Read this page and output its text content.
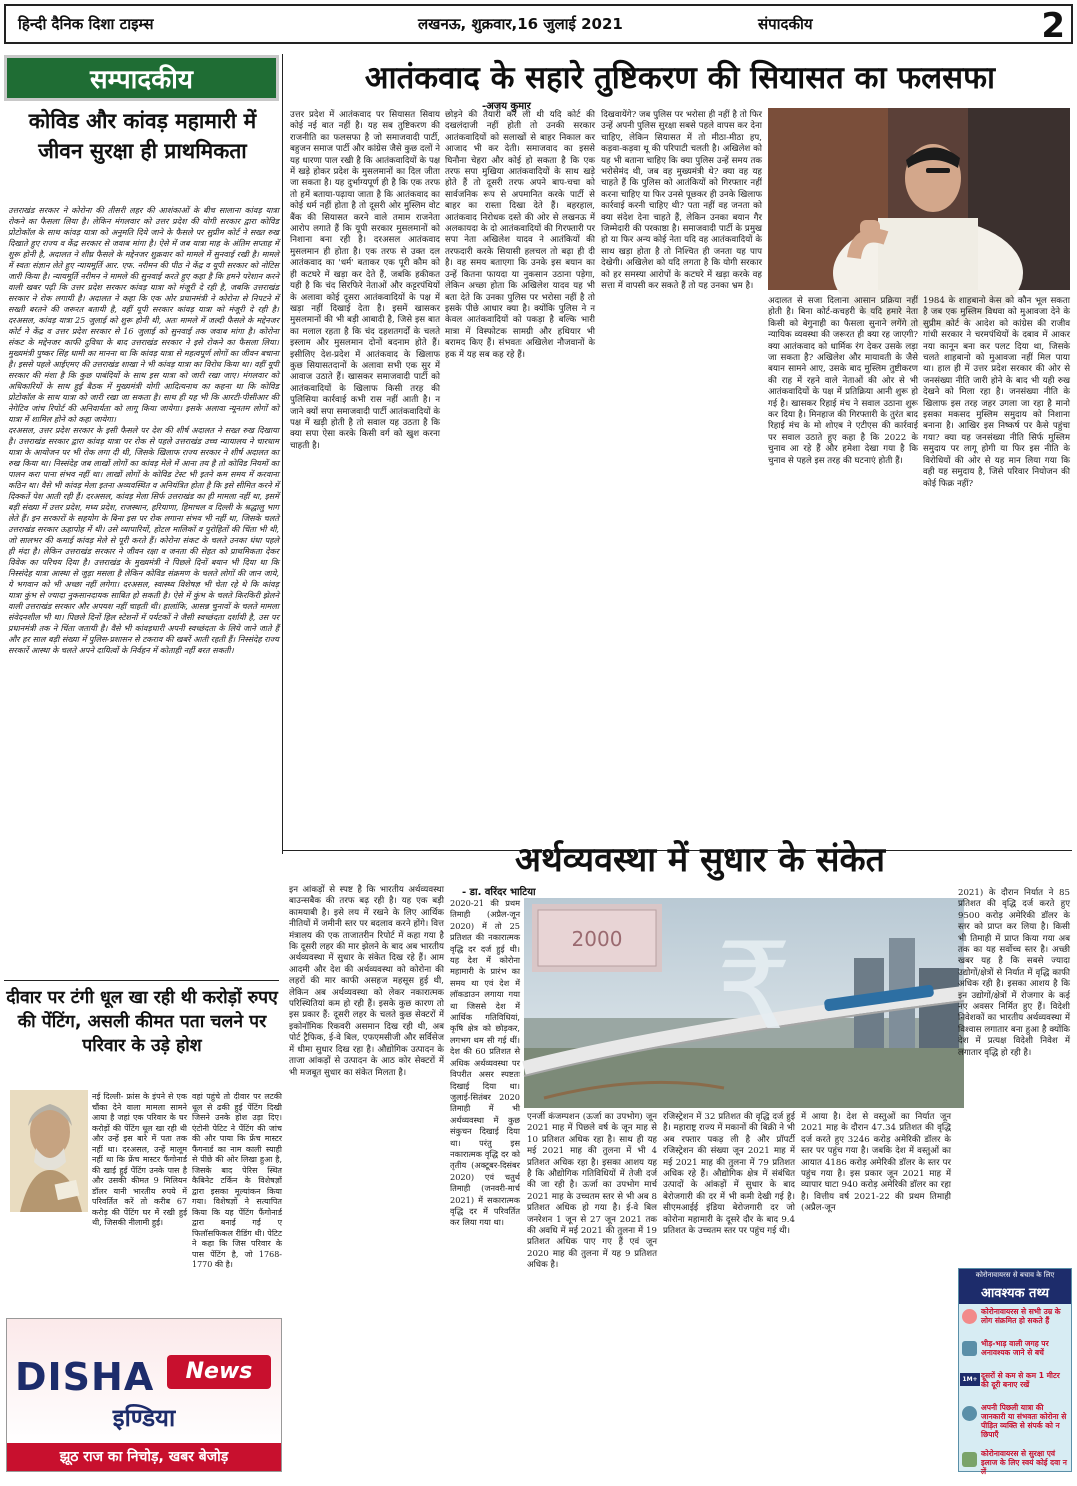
हिन्दी दैनिक दिशा टाइम्स	लखनऊ, शुक्रवार,16 जुलाई 2021	संपादकीय	2
सम्पादकीय
कोविड और कांवड़ महामारी में जीवन सुरक्षा ही प्राथमिकता

उत्तराखंड सरकार ने कोरोना की तीसरी लहर की आशंकाओं के बीच सालाना कांवड़ यात्रा रोकने का फैसला लिया है। लेकिन मंगलवार को उत्तर प्रदेश की योगी सरकार द्वारा कोविड प्रोटोकॉल के साथ कांवड़ यात्रा को अनुमति दिये जाने के फैसले पर सुप्रीम कोर्ट ने सख्त रुख दिखाते हुए राज्य व केंद्र सरकार से जवाब मांगा है। ऐसे में जब यात्रा माह के अंतिम सप्ताह में शुरू होनी है, अदालत ने शीघ्र फैसले के मद्देनजर शुक्रवार को मामले में सुनवाई रखी है। मामले में स्वतः संज्ञान लेते हुए न्यायमूर्ति आर. एफ. नरीमन की पीठ ने केंद्र व यूपी सरकार को नोटिस जारी किया है। न्यायमूर्ति नरीमन ने मामले की सुनवाई करते हुए कहा है कि हमने परेशान करने वाली खबर पढ़ी कि उत्तर प्रदेश सरकार कांवड़ यात्रा को मंजूरी दे रही है, जबकि उत्तराखंड सरकार ने रोक लगायी है। अदालत ने कहा कि एक ओर प्रधानमंत्री ने कोरोना से निपटने में सख्ती बरतने की जरूरत बतायी है, वहीं यूपी सरकार कांवड़ यात्रा को मंजूरी दे रही है। दरअसल, कांवड़ यात्रा 25 जुलाई को शुरू होनी थी, अतः मामले में जल्दी फैसले के मद्देनजर कोर्ट ने केंद्र व उत्तर प्रदेश सरकार से 16 जुलाई को सुनवाई तक जवाब मांगा है। कोरोना संकट के मद्देनजर काफी दुविधा के बाद उत्तराखंड सरकार ने इसे रोकने का फैसला लिया। मुख्यमंत्री पुष्कर सिंह धामी का मानना था कि कांवड़ यात्रा से महत्वपूर्ण लोगों का जीवन बचाना है। इससे पहले आईएमए की उत्तराखंड शाखा ने भी कांवड़ यात्रा का विरोध किया था। वहीं यूपी सरकार की मंशा है कि कुछ पाबंदियों के साथ इस यात्रा को जारी रखा जाए। मंगलवार को अधिकारियों के साथ हुई बैठक में मुख्यमंत्री योगी आदित्यनाथ का कहना था कि कोविड प्रोटोकॉल के साथ यात्रा को जारी रखा जा सकता है। साथ ही यह भी कि आरटी-पीसीआर की नेगेटिव जांच रिपोर्ट की अनिवार्यता को लागू किया जायेगा। इसके अलावा न्यूनतम लोगों को यात्रा में शामिल होने को कहा जायेगा।

दरअसल, उत्तर प्रदेश सरकार के इसी फैसले पर देश की शीर्ष अदालत ने सख्त रुख दिखाया है। उत्तराखंड सरकार द्वारा कांवड़ यात्रा पर रोक से पहले उत्तराखंड उच्च न्यायालय ने चारधाम यात्रा के आयोजन पर भी रोक लगा दी थी, जिसके खिलाफ राज्य सरकार ने शीर्ष अदालत का रुख किया था। निस्संदेह जब लाखों लोगों का कांवड़ मेले में आना तय है तो कोविड नियमों का पालन करा पाना संभव नहीं था। लाखों लोगों के कोविड टेस्ट भी इतने कम समय में करवाना कठिन था। वैसे भी कांवड़ मेला इतना अव्यवस्थित व अनियंत्रित होता है कि इसे सीमित करने में दिक्कतें पेश आती रही हैं। दरअसल, कांवड़ मेला सिर्फ उत्तराखंड का ही मामला नहीं था, इसमें बड़ी संख्या में उत्तर प्रदेश, मध्य प्रदेश, राजस्थान, हरियाणा, हिमाचल व दिल्ली के श्रद्धालु भाग लेते हैं। इन सरकारों के सहयोग के बिना इस पर रोक लगाना संभव भी नहीं था, जिसके चलते उत्तराखंड सरकार ऊहापोह में थी। उसे व्यापारियों, होटल मालिकों व पुरोहितों की चिंता भी थी, जो सालभर की कमाई कांवड़ मेले से पूरी करते हैं। कोरोना संकट के चलते उनका धंधा पहले ही मंदा है। लेकिन उत्तराखंड सरकार ने जीवन रक्षा व जनता की सेहत को प्राथमिकता देकर विवेक का परिचय दिया है। उत्तराखंड के मुख्यमंत्री ने पिछले दिनों बयान भी दिया था कि निस्संदेह यात्रा आस्था से जुड़ा मसला है लेकिन कोविड संक्रमण के चलते लोगों की जान जाये, ये भगवान को भी अच्छा नहीं लगेगा। दरअसल, स्वास्थ्य विशेषज्ञ भी चेता रहे थे कि कांवड़ यात्रा कुंभ से ज्यादा नुकसानदायक साबित हो सकती है। ऐसे में कुंभ के चलते किरकिरी झेलने वाली उत्तराखंड सरकार और अपयश नहीं चाहती थी। हालांकि, आसन्न चुनावों के चलते मामला संवेदनशील भी था। पिछले दिनों हिल स्टेशनों में पर्यटकों ने जैसी स्वच्छंदता दर्शायी है, उस पर प्रधानमंत्री तक ने चिंता जतायी है। वैसे भी कांवड़धारी अपनी स्वच्छंदता के लिये जाने जाते हैं और हर साल बड़ी संख्या में पुलिस-प्रशासन से टकराव की खबरें आती रहती हैं। निस्संदेह राज्य सरकारें आस्था के चलते अपने दायित्वों के निर्वहन में कोताही नहीं बरत सकती।

आतंकवाद के सहारे तुष्टिकरण की सियासत का फलसफा
-अजय कुमार
उत्तर प्रदेश में आतंकवाद पर सियासत सिवाय कोई नई बात नहीं है। यह सब तुष्टिकरण की राजनीति का फलसफा है जो समाजवादी पार्टी, बहुजन समाज पार्टी और कांग्रेस जैसे कुछ दलों ने यह धारणा पाल रखी है कि आतंकवादियों के पक्ष में खड़े होकर प्रदेश के मुसलमानों का दिल जीता जा सकता है। यह दुर्भाग्यपूर्ण ही है कि एक तरफ तो हमें बताया-पढ़ाया जाता है कि आतंकवाद का कोई धर्म नहीं होता है तो दूसरी ओर मुस्लिम वोट बैंक की सियासत करने वाले तमाम राजनेता आरोप लगाते हैं कि यूपी सरकार मुसलमानों को निशाना बना रही है। दरअसल आतंकवाद मुसलमान ही होता है। एक तरफ से उक्त दल आतंकवाद का 'धर्म' बताकर एक पूरी कौम को ही कटघरे में खड़ा कर देते हैं, जबकि हकीकत यही है कि चंद सिरफिरे नेताओं और कट्टरपंथियों के अलावा कोई दूसरा आतंकवादियों के पक्ष में खड़ा नहीं दिखाई देता है। इसमें खासकर मुसलमानों की भी बड़ी आबादी है, जिसे इस बात का मलाल रहता है कि चंद दहशतगर्दों के चलते इस्लाम और मुसलमान दोनों बदनाम होते हैं। इसीलिए देश-प्रदेश में आतंकवाद के खिलाफ कुछ सियासतदानों के अलावा सभी एक सुर में आवाज उठाते हैं। खासकर समाजवादी पार्टी को आतंकवादियों के खिलाफ किसी तरह की पुलिसिया कार्रवाई कभी रास नहीं आती है। न जाने क्यों सपा समाजवादी पार्टी आतंकवादियों के पक्ष में खड़ी होती है तो सवाल यह उठता है कि क्या सपा ऐसा करके किसी वर्ग को खुश करना चाहती है।
छोड़ने की तैयारी कर ली थी यदि कोर्ट की दखलंदाजी नहीं होती तो उनकी सरकार आतंकवादियों को सलाखों से बाहर निकाल कर आजाद भी कर देती। समाजवाद का इससे घिनौना चेहरा और कोई हो सकता है कि एक तरफ सपा मुखिया आतंकवादियों के साथ खड़े होते हैं तो दूसरी तरफ अपने बाप-चचा को सार्वजनिक रूप से अपमानित करके पार्टी से बाहर का रास्ता दिखा देते हैं। बहरहाल, आतंकवाद निरोधक दस्ते की ओर से लखनऊ में अलकायदा के दो आतंकवादियों की गिरफ्तारी पर सपा नेता अखिलेश यादव ने आतंकियों की तरफदारी करके सियासी हलचल तो बढ़ा ही दी है। वह समय बताएगा कि उनके इस बयान का उन्हें कितना फायदा या नुकसान उठाना पड़ेगा, लेकिन अच्छा होता कि अखिलेश यादव यह भी बता देते कि उनका पुलिस पर भरोसा नहीं है तो इसके पीछे आधार क्या है। क्योंकि पुलिस ने न केवल आतंकवादियों को पकड़ा है बल्कि भारी मात्रा में विस्फोटक सामग्री और हथियार भी बरामद किए हैं। संभवतः अखिलेश नौजवानों के हक में यह सब कह रहे हैं।
दिखवायेंगे? जब पुलिस पर भरोसा ही नहीं है तो फिर उन्हें अपनी पुलिस सुरक्षा सबसे पहले वापस कर देना चाहिए, लेकिन सियासत में तो मीठा-मीठा हप, कड़वा-कड़वा थू की परिपाटी चलती है। अखिलेश को यह भी बताना चाहिए कि क्या पुलिस उन्हें समय तक भरोसेमंद थी, जब वह मुख्यमंत्री थे? क्या वह यह चाहते हैं कि पुलिस को आतंकियों को गिरफ्तार नहीं करना चाहिए या फिर उनसे पूछकर ही उनके खिलाफ कार्रवाई करनी चाहिए थी? पता नहीं वह जनता को क्या संदेश देना चाहते हैं, लेकिन उनका बयान गैर जिम्मेदारी की परकाष्ठा है। समाजवादी पार्टी के प्रमुख हो या फिर अन्य कोई नेता यदि वह आतंकवादियों के साथ खड़ा होता है तो निश्चित ही जनता यह पाप देखेगी। अखिलेश को यदि लगता है कि योगी सरकार को हर समस्या आरोपों के कटघरे में खड़ा करके वह सत्ता में वापसी कर सकते हैं तो यह उनका भ्रम है।
अदालत से सजा दिलाना आसान प्रक्रिया नहीं होती है। बिना कोर्ट-कचहरी के यदि हमारे नेता किसी को बेगुनाही का फैसला सुनाने लगेंगे तो न्यायिक व्यवस्था की जरूरत ही क्या रह जाएगी? क्या आतंकवाद को धार्मिक रंग देकर उसके लड़ा जा सकता है? अखिलेश और मायावती के जैसे बयान सामने आए, उसके बाद मुस्लिम तुष्टीकरण की राह में रहने वाले नेताओं की ओर से भी आतंकवादियों के पक्ष में प्रतिक्रिया आनी शुरू हो गई है। खासकर रिहाई मंच ने सवाल उठाना शुरू कर दिया है। मिनहाज की गिरफ्तारी के तुरंत बाद रिहाई मंच के मो शोएब ने एटीएस की कार्रवाई पर सवाल उठाते हुए कहा है कि 2022 के चुनाव आ रहे हैं और हमेशा देखा गया है कि चुनाव से पहले इस तरह की घटनाएं होती हैं।
1984 के शाहबानो केस को कौन भूल सकता है जब एक मुस्लिम विधवा को मुआवजा देने के सुप्रीम कोर्ट के आदेश को कांग्रेस की राजीव गांधी सरकार ने चरमपंथियों के दबाव में आकर नया कानून बना कर पलट दिया था, जिसके चलते शाहबानो को मुआवजा नहीं मिल पाया था। हाल ही में उत्तर प्रदेश सरकार की ओर से जनसंख्या नीति जारी होने के बाद भी यही रुख देखने को मिला रहा है। जनसंख्या नीति के खिलाफ इस तरह जहर उगला जा रहा है मानो इसका मकसद मुस्लिम समुदाय को निशाना बनाना है। आखिर इस निष्कर्ष पर कैसे पहुंचा गया? क्या यह जनसंख्या नीति सिर्फ मुस्लिम समुदाय पर लागू होगी या फिर इस नीति के विरोधियों की ओर से यह मान लिया गया कि वही यह समुदाय है, जिसे परिवार नियोजन की कोई फिक्र नहीं?
अर्थव्यवस्था में सुधार के संकेत
इन आंकड़ों से स्पष्ट है कि भारतीय अर्थव्यवस्था बाउन्सबैक की तरफ बढ़ रही है। यह एक बड़ी कामयाबी है। इसे लय में रखने के लिए आर्थिक नीतियों में जमीनी स्तर पर बदलाव करने होंगे। वित्त मंत्रालय की एक ताजातरीन रिपोर्ट में कहा गया है कि दूसरी लहर की मार झेलने के बाद अब भारतीय अर्थव्यवस्था में सुधार के संकेत दिख रहे हैं। आम आदमी और देश की अर्थव्यवस्था को कोरोना की लहरों की मार काफी असहज महसूस हुई थी, लेकिन अब अर्थव्यवस्था को लेकर नकारात्मक परिस्थितियां कम हो रही हैं। इसके कुछ कारण तो इस प्रकार हैं: दूसरी लहर के चलते कुछ सेक्टरों में इकोनॉमिक रिकवरी असमान दिख रही थी, अब पोर्ट ट्रैफिक, ई-वे बिल, एफएमसीजी और सर्विसेज में धीमा सुधार दिख रहा है। औद्योगिक उत्पादन के ताजा आंकड़ों से उत्पादन के आठ कोर सेक्टरों में भी मजबूत सुधार का संकेत मिलता है।
- डा. वरिंदर भाटिया
2020-21 की प्रथम तिमाही (अप्रैल-जून 2020) में तो 25 प्रतिशत की नकारात्मक वृद्धि दर दर्ज हुई थी। यह देश में कोरोना महामारी के प्रारंभ का समय था एवं देश में लॉकडाउन लगाया गया था जिससे देश में आर्थिक गतिविधियां, कृषि क्षेत्र को छोड़कर, लगभग थम सी गई थीं। देश की 60 प्रतिशत से अधिक अर्थव्यवस्था पर विपरीत असर स्पष्टतः दिखाई दिया था। जुलाई-सितंबर 2020 तिमाही में भी अर्थव्यवस्था में कुछ संकुचन दिखाई दिया था। परंतु इस नकारात्मक वृद्धि दर को तृतीय (अक्टूबर-दिसंबर 2020) एवं चतुर्थ तिमाही (जनवरी-मार्च 2021) में सकारात्मक वृद्धि दर में परिवर्तित कर लिया गया था।
2000 ₹
एनर्जी कंजम्पशन (ऊर्जा का उपभोग) जून 2021 माह में पिछले वर्ष के जून माह से 10 प्रतिशत अधिक रहा है। साथ ही यह मई 2021 माह की तुलना में भी 4 प्रतिशत अधिक रहा है। इसका आशय यह है कि औद्योगिक गतिविधियों में तेजी दर्ज की जा रही है। ऊर्जा का उपभोग मार्च 2021 माह के उच्चतम स्तर से भी अब 8 प्रतिशत अधिक हो गया है। ई-वे बिल जनरेशन 1 जून से 27 जून 2021 तक की अवधि में मई 2021 की तुलना में 19 प्रतिशत अधिक पाए गए हैं एवं जून 2020 माह की तुलना में यह 9 प्रतिशत अधिक है।
रजिस्ट्रेशन में 32 प्रतिशत की वृद्धि दर्ज हुई है। महाराष्ट्र राज्य में मकानों की बिक्री ने भी अब रफ्तार पकड़ ली है और प्रॉपर्टी रजिस्ट्रेशन की संख्या जून 2021 माह में मई 2021 माह की तुलना में 79 प्रतिशत अधिक रहे हैं। औद्योगिक क्षेत्र में संबंधित उत्पादों के आंकड़ों में सुधार के बाद बेरोजगारी की दर में भी कमी देखी गई है। सीएमआईई इंडिया बेरोजगारी दर जो कोरोना महामारी के दूसरे दौर के बाद 9.4 प्रतिशत के उच्चतम स्तर पर पहुंच गई थी।
में आया है। देश से वस्तुओं का निर्यात जून 2021 माह के दौरान 47.34 प्रतिशत की वृद्धि दर्ज करते हुए 3246 करोड़ अमेरिकी डॉलर के स्तर पर पहुंच गया है। जबकि देश में वस्तुओं का आयात 4186 करोड़ अमेरिकी डॉलर के स्तर पर पहुंच गया है। इस प्रकार जून 2021 माह में व्यापार घाटा 940 करोड़ अमेरिकी डॉलर का रहा है। वित्तीय वर्ष 2021-22 की प्रथम तिमाही (अप्रैल-जून
2021) के दौरान निर्यात ने 85 प्रतिशत की वृद्धि दर्ज करते हुए 9500 करोड़ अमेरिकी डॉलर के स्तर को प्राप्त कर लिया है। किसी भी तिमाही में प्राप्त किया गया अब तक का यह सर्वोच्च स्तर है। अच्छी खबर यह है कि सबसे ज्यादा उद्योगों/क्षेत्रों से निर्यात में वृद्धि काफी अधिक रही है। इसका आशय है कि इन उद्योगों/क्षेत्रों में रोजगार के कई नए अवसर निर्मित हुए हैं। विदेशी निवेशकों का भारतीय अर्थव्यवस्था में विश्वास लगातार बना हुआ है क्योंकि देश में प्रत्यक्ष विदेशी निवेश में लगातार वृद्धि हो रही है।
कोरोनावायरस से बचाव के लिए
आवश्यक तथ्य
कोरोनावायरस से सभी उम्र के लोग संक्रमित हो सकते हैं
भीड़-भाड़ वाली जगह पर अनावश्यक जाने से बचें
1M+ दूसरों से कम से कम 1 मीटर की दूरी बनाए रखें
अपनी पिछली यात्रा की जानकारी या संभवतः कोरोना से पीड़ित व्यक्ति से संपर्क को न छिपाएँ
कोरोनावायरस से सुरक्षा एवं इलाज के लिए स्वयं कोई दवा न लें
दीवार पर टंगी धूल खा रही थी करोड़ों रुपए की पेंटिंग, असली कीमत पता चलने पर परिवार के उड़े होश
नई दिल्ली- फ्रांस के इंपने से एक चौंका देने वाला मामला सामने आया है जहां एक परिवार के घर करोड़ों की पेंटिंग धूल खा रही थी और उन्हें इस बारे में पता तक नहीं था। दरअसल, उन्हें मालूम नहीं था कि फ्रेंच मास्टर फैंगोनार्ड की खाई हुई पेंटिंग उनके पास है और उसकी कीमत 9 मिलियन डॉलर यानी भारतीय रुपये में परिवर्तित करें तो करीब 67 करोड़ की पेंटिंग घर में रखी हुई थी, जिसकी नीलामी हुई।
वहां पहुंचे तो दीवार पर लटकी धूल से ढकी हुई पेंटिंग दिखी जिसने उनके होश उड़ा दिए। एंटोनी पेटिट ने पेंटिंग की जांच की और पाया कि फ्रेंच मास्टर फैंगनार्ड का नाम काली स्याही से पीछे की ओर लिखा हुआ है, जिसके बाद पेरिस स्थित कैबिनेट टर्किन के विशेषज्ञों द्वारा इसका मूल्यांकन किया गया। विशेषज्ञों ने सत्यापित किया कि यह पेंटिंग फैंगोनार्ड द्वारा बनाई गई ए फिलॉसफिकल रीडिंग थी। पेटिट ने कहा कि जिस परिवार के पास पेंटिंग है, जो 1768-1770 की है।
DISHA	News
इण्डिया
झूठ राज का निचोड़, खबर बेजोड़
